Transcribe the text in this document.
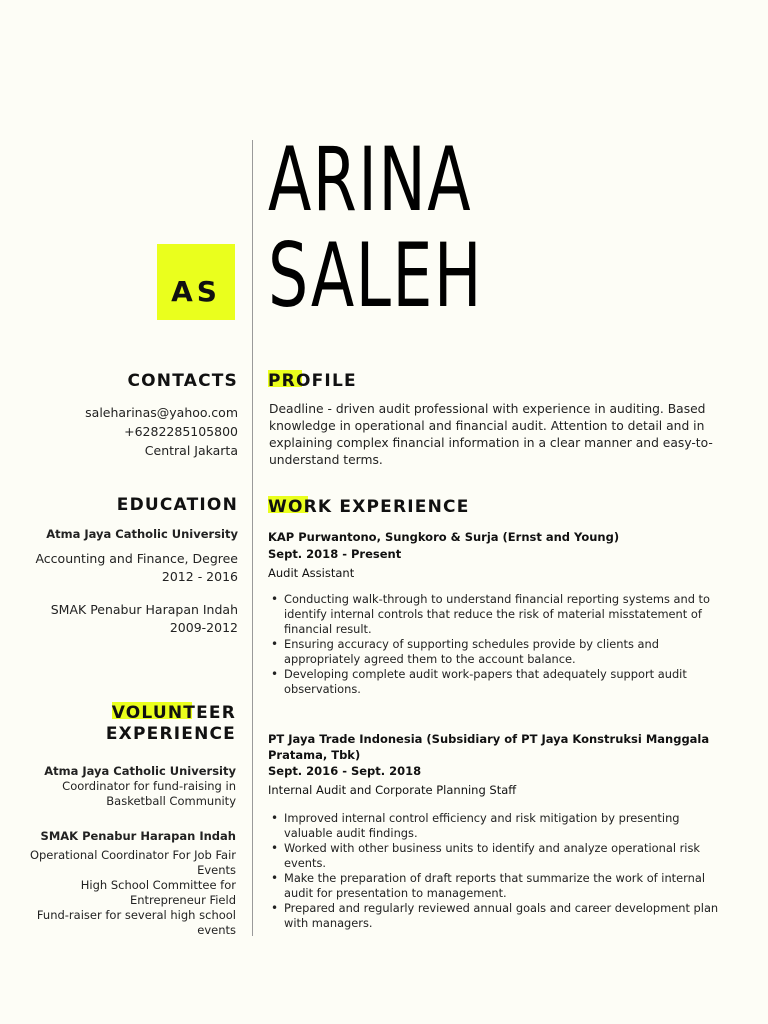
ARINA
SALEH
AS
CONTACTS
saleharinas@yahoo.com
+6282285105800
Central Jakarta
EDUCATION
Atma Jaya Catholic University
Accounting and Finance, Degree
2012 - 2016
SMAK Penabur Harapan Indah
2009-2012
VOLUNTEER
EXPERIENCE
Atma Jaya Catholic University
Coordinator for fund-raising in
Basketball Community
SMAK Penabur Harapan Indah
Operational Coordinator For Job Fair
Events
High School Committee for
Entrepreneur Field
Fund-raiser for several high school
events
PROFILE
Deadline - driven audit professional with experience in auditing. Based knowledge in operational and financial audit. Attention to detail and in explaining complex financial information in a clear manner and easy-to-understand terms.
WORK EXPERIENCE
KAP Purwantono, Sungkoro & Surja (Ernst and Young)
Sept. 2018 - Present
Audit Assistant
• Conducting walk-through to understand financial reporting systems and to identify internal controls that reduce the risk of material misstatement of financial result.
• Ensuring accuracy of supporting schedules provide by clients and appropriately agreed them to the account balance.
• Developing complete audit work-papers that adequately support audit observations.
PT Jaya Trade Indonesia (Subsidiary of PT Jaya Konstruksi Manggala Pratama, Tbk)
Sept. 2016 - Sept. 2018
Internal Audit and Corporate Planning Staff
• Improved internal control efficiency and risk mitigation by presenting valuable audit findings.
• Worked with other business units to identify and analyze operational risk events.
• Make the preparation of draft reports that summarize the work of internal audit for presentation to management.
• Prepared and regularly reviewed annual goals and career development plan with managers.
